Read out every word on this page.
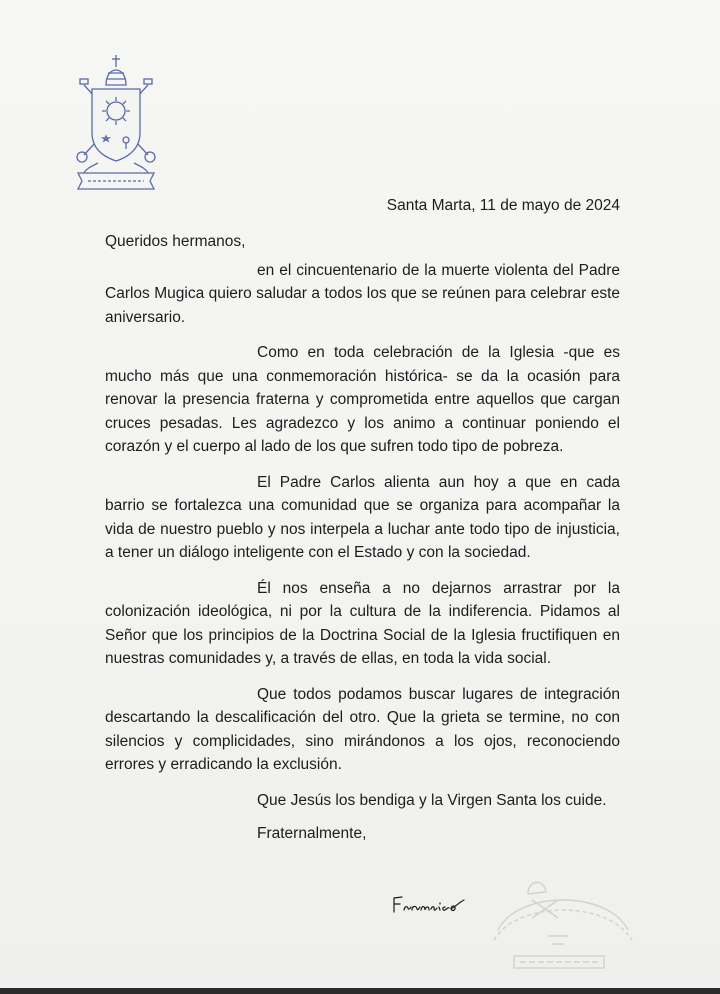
Santa Marta, 11 de mayo de 2024

Queridos hermanos,

en el cincuentenario de la muerte violenta del Padre Carlos Mugica quiero saludar a todos los que se reúnen para celebrar este aniversario.

Como en toda celebración de la Iglesia -que es mucho más que una conmemoración histórica- se da la ocasión para renovar la presencia fraterna y comprometida entre aquellos que cargan cruces pesadas. Les agradezco y los animo a continuar poniendo el corazón y el cuerpo al lado de los que sufren todo tipo de pobreza.

El Padre Carlos alienta aun hoy a que en cada barrio se fortalezca una comunidad que se organiza para acompañar la vida de nuestro pueblo y nos interpela a luchar ante todo tipo de injusticia, a tener un diálogo inteligente con el Estado y con la sociedad.

Él nos enseña a no dejarnos arrastrar por la colonización ideológica, ni por la cultura de la indiferencia. Pidamos al Señor que los principios de la Doctrina Social de la Iglesia fructifiquen en nuestras comunidades y, a través de ellas, en toda la vida social.

Que todos podamos buscar lugares de integración descartando la descalificación del otro. Que la grieta se termine, no con silencios y complicidades, sino mirándonos a los ojos, reconociendo errores y erradicando la exclusión.

Que Jesús los bendiga y la Virgen Santa los cuide.

Fraternalmente,
